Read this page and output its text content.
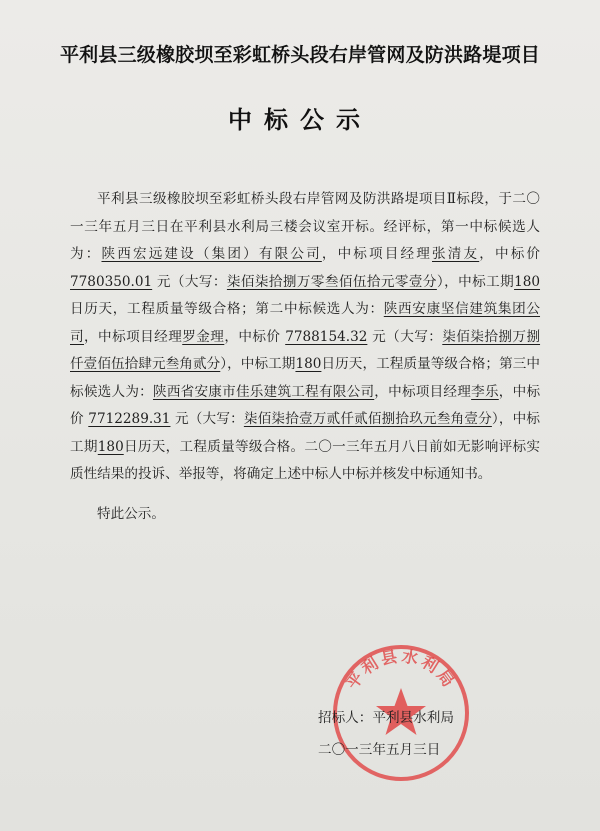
平利县三级橡胶坝至彩虹桥头段右岸管网及防洪路堤项目
中标公示

平利县三级橡胶坝至彩虹桥头段右岸管网及防洪路堤项目Ⅱ标段，于二〇一三年五月三日在平利县水利局三楼会议室开标。经评标，第一中标候选人为：陕西宏远建设（集团）有限公司，中标项目经理张清友，中标价 7780350.01 元（大写：柒佰柒拾捌万零叁佰伍拾元零壹分），中标工期180日历天，工程质量等级合格；第二中标候选人为：陕西安康坚信建筑集团公司，中标项目经理罗金理，中标价 7788154.32 元（大写：柒佰柒拾捌万捌仟壹佰伍拾肆元叁角贰分），中标工期180日历天，工程质量等级合格；第三中标候选人为：陕西省安康市佳乐建筑工程有限公司，中标项目经理李乐，中标价 7712289.31 元（大写：柒佰柒拾壹万贰仟贰佰捌拾玖元叁角壹分），中标工期180日历天，工程质量等级合格。二〇一三年五月八日前如无影响评标实质性结果的投诉、举报等，将确定上述中标人中标并核发中标通知书。

特此公示。

平利县水利局
招标人：平利县水利局
二〇一三年五月三日
